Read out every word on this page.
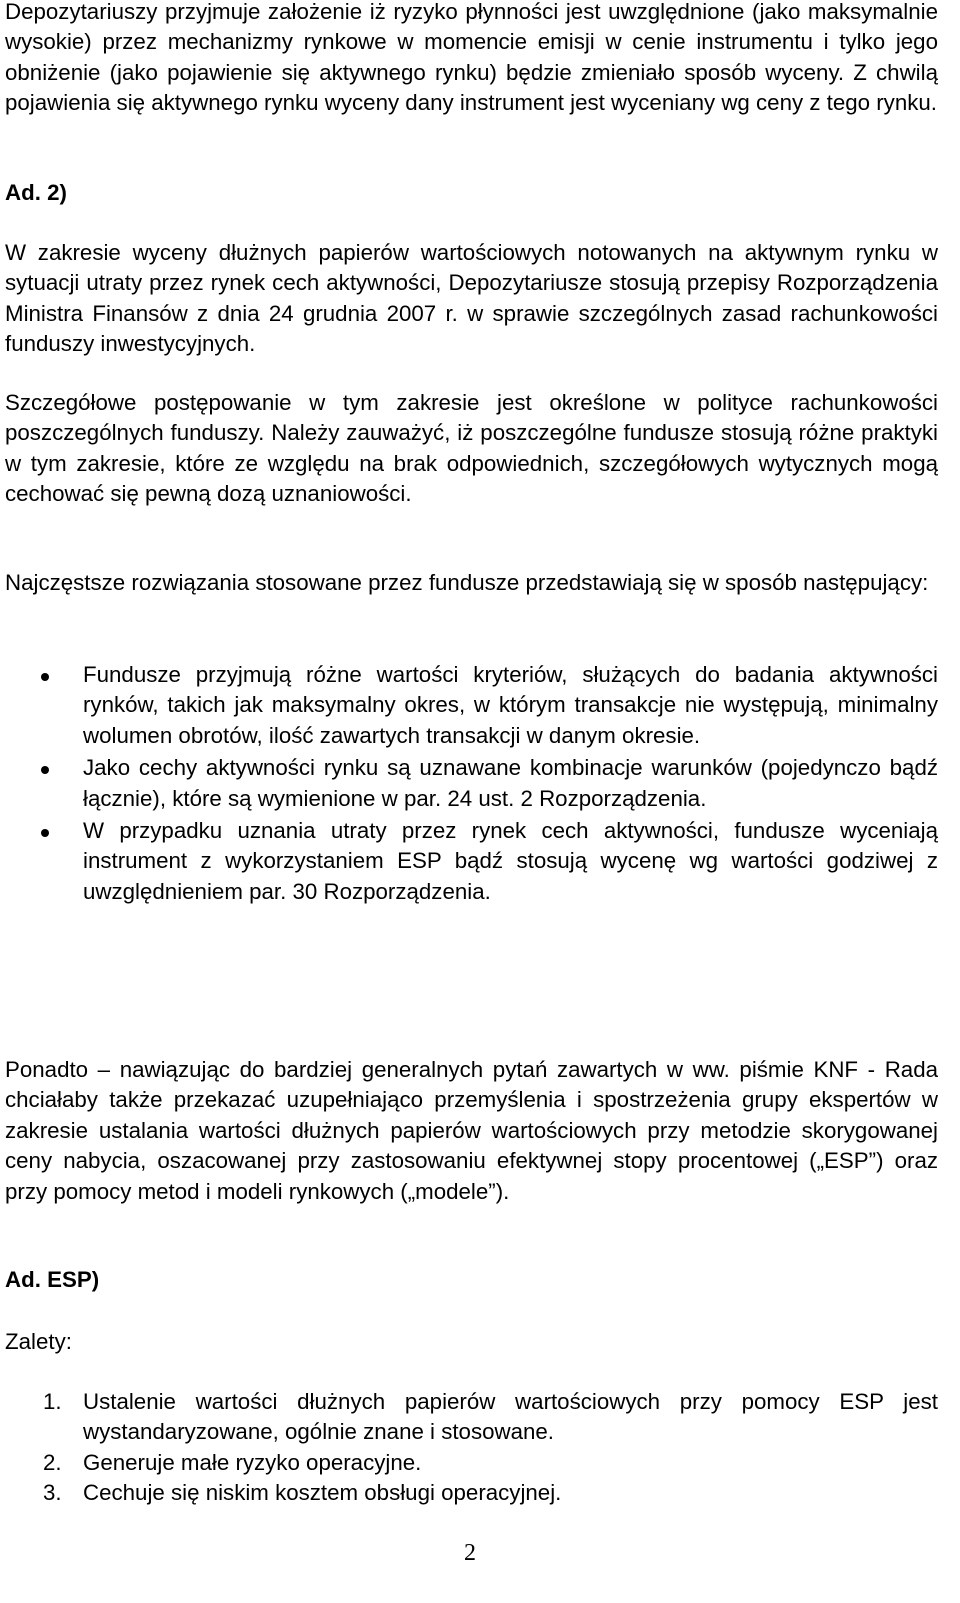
Depozytariuszy przyjmuje założenie iż ryzyko płynności jest uwzględnione (jako maksymalnie wysokie) przez mechanizmy rynkowe w momencie emisji w cenie instrumentu i tylko jego obniżenie (jako pojawienie się aktywnego rynku) będzie zmieniało sposób wyceny. Z chwilą pojawienia się aktywnego rynku wyceny dany instrument jest wyceniany wg ceny z tego rynku.

Ad. 2)

W zakresie wyceny dłużnych papierów wartościowych notowanych na aktywnym rynku w sytuacji utraty przez rynek cech aktywności, Depozytariusze stosują przepisy Rozporządzenia Ministra Finansów z dnia 24 grudnia 2007 r. w sprawie szczególnych zasad rachunkowości funduszy inwestycyjnych.

Szczegółowe postępowanie w tym zakresie jest określone w polityce rachunkowości poszczególnych funduszy. Należy zauważyć, iż poszczególne fundusze stosują różne praktyki w tym zakresie, które ze względu na brak odpowiednich, szczegółowych wytycznych mogą cechować się pewną dozą uznaniowości.

Najczęstsze rozwiązania stosowane przez fundusze przedstawiają się w sposób następujący:

Fundusze przyjmują różne wartości kryteriów, służących do badania aktywności rynków, takich jak maksymalny okres, w którym transakcje nie występują, minimalny wolumen obrotów, ilość zawartych transakcji w danym okresie.
Jako cechy aktywności rynku są uznawane kombinacje warunków (pojedynczo bądź łącznie), które są wymienione w par. 24 ust. 2 Rozporządzenia.
W przypadku uznania utraty przez rynek cech aktywności, fundusze wyceniają instrument z wykorzystaniem ESP bądź stosują wycenę wg wartości godziwej z uwzględnieniem par. 30 Rozporządzenia.

Ponadto – nawiązując do bardziej generalnych pytań zawartych w ww. piśmie KNF - Rada chciałaby także przekazać uzupełniająco przemyślenia i spostrzeżenia grupy ekspertów w zakresie ustalania wartości dłużnych papierów wartościowych przy metodzie skorygowanej ceny nabycia, oszacowanej przy zastosowaniu efektywnej stopy procentowej („ESP”) oraz przy pomocy metod i modeli rynkowych („modele”).

Ad. ESP)

Zalety:

1. Ustalenie wartości dłużnych papierów wartościowych przy pomocy ESP jest wystandaryzowane, ogólnie znane i stosowane.
2. Generuje małe ryzyko operacyjne.
3. Cechuje się niskim kosztem obsługi operacyjnej.
2
